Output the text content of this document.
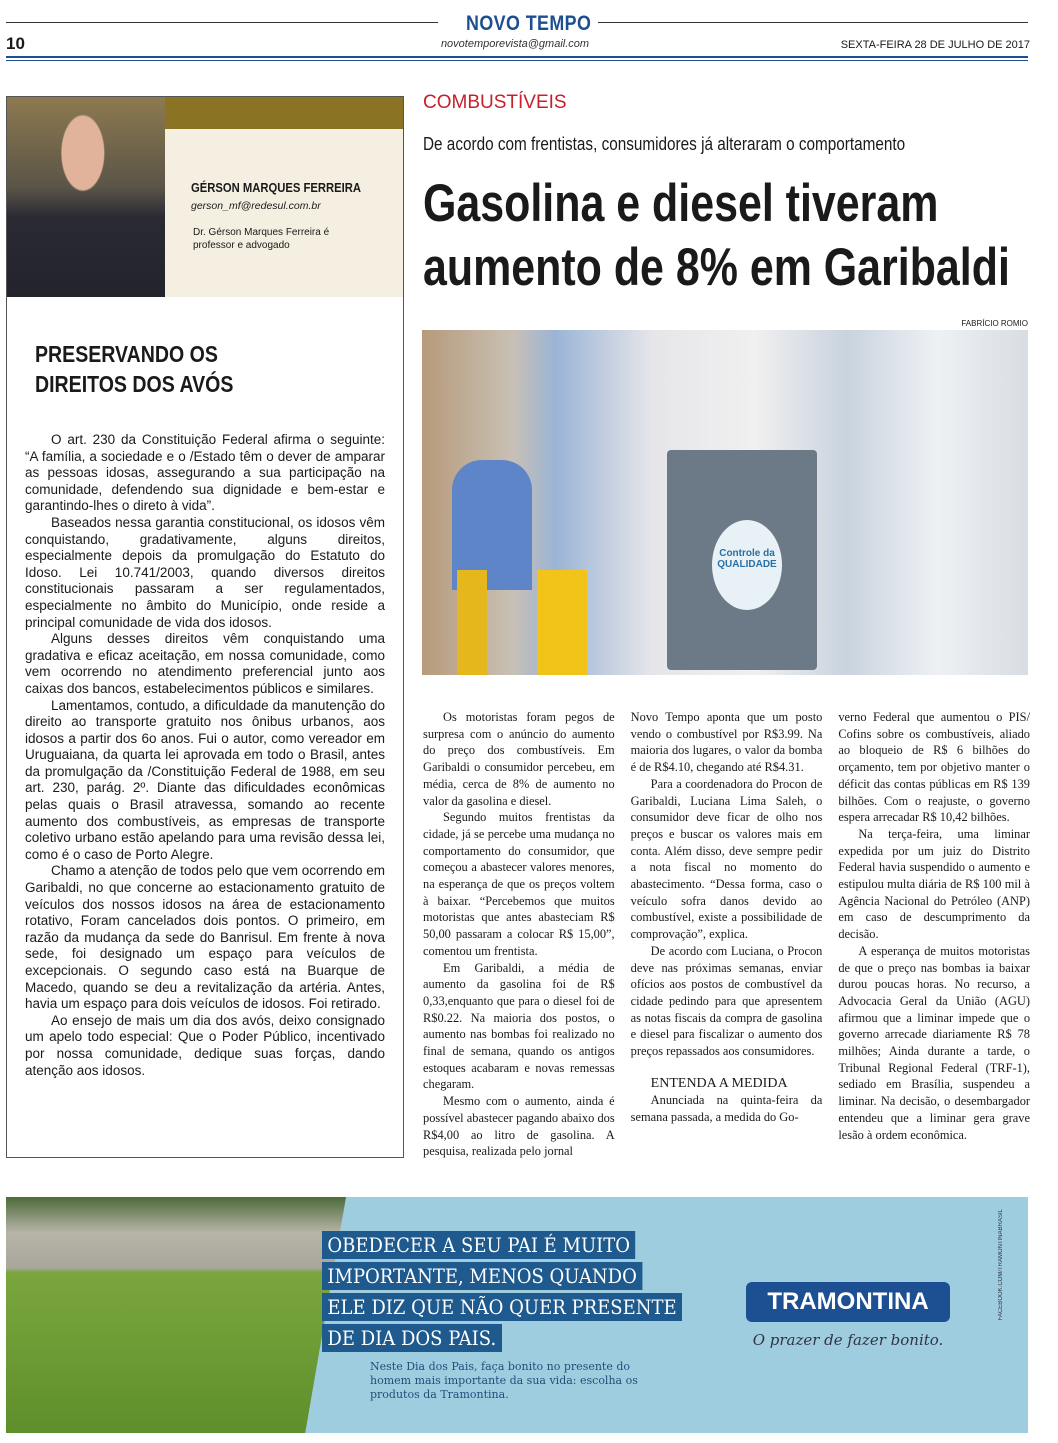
NOVO TEMPO
novotemporevista@gmail.com
10	SEXTA-FEIRA 28 DE JULHO DE 2017
GÉRSON MARQUES FERREIRA
gerson_mf@redesul.com.br
Dr. Gérson Marques Ferreira é professor e advogado
PRESERVANDO OS
DIREITOS DOS AVÓS

O art. 230 da Constituição Federal afirma o seguinte: “A família, a sociedade e o /Estado têm o dever de amparar as pessoas idosas, assegurando a sua participação na comunidade, defendendo sua dignidade e bem-estar e garantindo-lhes o direto à vida”.

Baseados nessa garantia constitucional, os idosos vêm conquistando, gradativamente, alguns direitos, especialmente depois da promulgação do Estatuto do Idoso. Lei 10.741/2003, quando diversos direitos constitucionais passaram a ser regulamentados, especialmente no âmbito do Município, onde reside a principal comunidade de vida dos idosos.

Alguns desses direitos vêm conquistando uma gradativa e eficaz aceitação, em nossa comunidade, como vem ocorrendo no atendimento preferencial junto aos caixas dos bancos, estabelecimentos públicos e similares.

Lamentamos, contudo, a dificuldade da manutenção do direito ao transporte gratuito nos ônibus urbanos, aos idosos a partir dos 6o anos. Fui o autor, como vereador em Uruguaiana, da quarta lei aprovada em todo o Brasil, antes da promulgação da /Constituição Federal de 1988, em seu art. 230, parág. 2º. Diante das dificuldades econômicas pelas quais o Brasil atravessa, somando ao recente aumento dos combustíveis, as empresas de transporte coletivo urbano estão apelando para uma revisão dessa lei, como é o caso de Porto Alegre.

Chamo a atenção de todos pelo que vem ocorrendo em Garibaldi, no que concerne ao estacionamento gratuito de veículos dos nossos idosos na área de estacionamento rotativo, Foram cancelados dois pontos. O primeiro, em razão da mudança da sede do Banrisul. Em frente à nova sede, foi designado um espaço para veículos de excepcionais. O segundo caso está na Buarque de Macedo, quando se deu a revitalização da artéria. Antes, havia um espaço para dois veículos de idosos. Foi retirado.

Ao ensejo de mais um dia dos avós, deixo consignado um apelo todo especial: Que o Poder Público, incentivado por nossa comunidade, dedique suas forças, dando atenção aos idosos.

COMBUSTÍVEIS
De acordo com frentistas, consumidores já alteraram o comportamento
Gasolina e diesel tiveram
aumento de 8% em Garibaldi
FABRÍCIO ROMIO
Controle da QUALIDADE

Os motoristas foram pegos de surpresa com o anúncio do aumento do preço dos combustíveis. Em Garibaldi o consumidor percebeu, em média, cerca de 8% de aumento no valor da gasolina e diesel.

Segundo muitos frentistas da cidade, já se percebe uma mudança no comportamento do consumidor, que começou a abastecer valores menores, na esperança de que os preços voltem à baixar. “Percebemos que muitos motoristas que antes abasteciam R$ 50,00 passaram a colocar R$ 15,00”, comentou um frentista.

Em Garibaldi, a média de aumento da gasolina foi de R$ 0,33,enquanto que para o diesel foi de R$0.22. Na maioria dos postos, o aumento nas bombas foi realizado no final de semana, quando os antigos estoques acabaram e novas remessas chegaram.

Mesmo com o aumento, ainda é possível abastecer pagando abaixo dos R$4,00 ao litro de gasolina. A pesquisa, realizada pelo jornal

Novo Tempo aponta que um posto vendo o combustível por R$3.99. Na maioria dos lugares, o valor da bomba é de R$4.10, chegando até R$4.31.

Para a coordenadora do Procon de Garibaldi, Luciana Lima Saleh, o consumidor deve ficar de olho nos preços e buscar os valores mais em conta. Além disso, deve sempre pedir a nota fiscal no momento do abastecimento. “Dessa forma, caso o veículo sofra danos devido ao combustível, existe a possibilidade de comprovação”, explica.

De acordo com Luciana, o Procon deve nas próximas semanas, enviar ofícios aos postos de combustível da cidade pedindo para que apresentem as notas fiscais da compra de gasolina e diesel para fiscalizar o aumento dos preços repassados aos consumidores.

ENTENDA A MEDIDA

Anunciada na quinta-feira da semana passada, a medida do Go-

verno Federal que aumentou o PIS/ Cofins sobre os combustíveis, aliado ao bloqueio de R$ 6 bilhões do orçamento, tem por objetivo manter o déficit das contas públicas em R$ 139 bilhões. Com o reajuste, o governo espera arrecadar R$ 10,42 bilhões.

Na terça-feira, uma liminar expedida por um juiz do Distrito Federal havia suspendido o aumento e estipulou multa diária de R$ 100 mil à Agência Nacional do Petróleo (ANP) em caso de descumprimento da decisão.

A esperança de muitos motoristas de que o preço nas bombas ia baixar durou poucas horas. No recurso, a Advocacia Geral da União (AGU) afirmou que a liminar impede que o governo arrecade diariamente R$ 78 milhões; Ainda durante a tarde, o Tribunal Regional Federal (TRF-1), sediado em Brasília, suspendeu a liminar. Na decisão, o desembargador entendeu que a liminar gera grave lesão à ordem econômica.

OBEDECER A SEU PAI É MUITO
IMPORTANTE, MENOS QUANDO
ELE DIZ QUE NÃO QUER PRESENTE
DE DIA DOS PAIS.
Neste Dia dos Pais, faça bonito no presente do homem mais importante da sua vida: escolha os produtos da Tramontina.
TRAMONTINA
O prazer de fazer bonito.
FACEBOOK.COM/TRAMONTINABRASIL
